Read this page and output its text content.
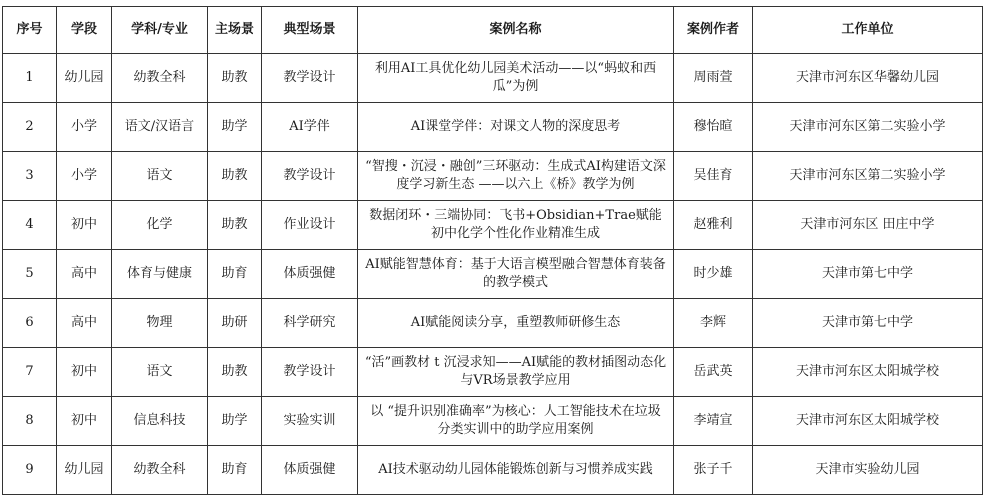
序号	学段	学科/专业	主场景	典型场景	案例名称	案例作者	工作单位
1	幼儿园	幼教全科	助教	教学设计	利用AI工具优化幼儿园美术活动——以“蚂蚁和西瓜”为例	周雨萱	天津市河东区华馨幼儿园
2	小学	语文/汉语言	助学	AI学伴	AI课堂学伴：对课文人物的深度思考	穆怡暄	天津市河东区第二实验小学
3	小学	语文	助教	教学设计	“智搜・沉浸・融创”三环驱动：生成式AI构建语文深度学习新生态 ——以六上《桥》教学为例	吴佳育	天津市河东区第二实验小学
4	初中	化学	助教	作业设计	数据闭环・三端协同：飞书+Obsidian+Trae赋能初中化学个性化作业精准生成	赵雅利	天津市河东区 田庄中学
5	高中	体育与健康	助育	体质强健	AI赋能智慧体育：基于大语言模型融合智慧体育装备的教学模式	时少雄	天津市第七中学
6	高中	物理	助研	科学研究	AI赋能阅读分享，重塑教师研修生态	李辉	天津市第七中学
7	初中	语文	助教	教学设计	“活”画教材 t 沉浸求知——AI赋能的教材插图动态化与VR场景教学应用	岳武英	天津市河东区太阳城学校
8	初中	信息科技	助学	实验实训	以 “提升识别准确率”为核心：人工智能技术在垃圾分类实训中的助学应用案例	李靖宣	天津市河东区太阳城学校
9	幼儿园	幼教全科	助育	体质强健	AI技术驱动幼儿园体能锻炼创新与习惯养成实践	张子千	天津市实验幼儿园
